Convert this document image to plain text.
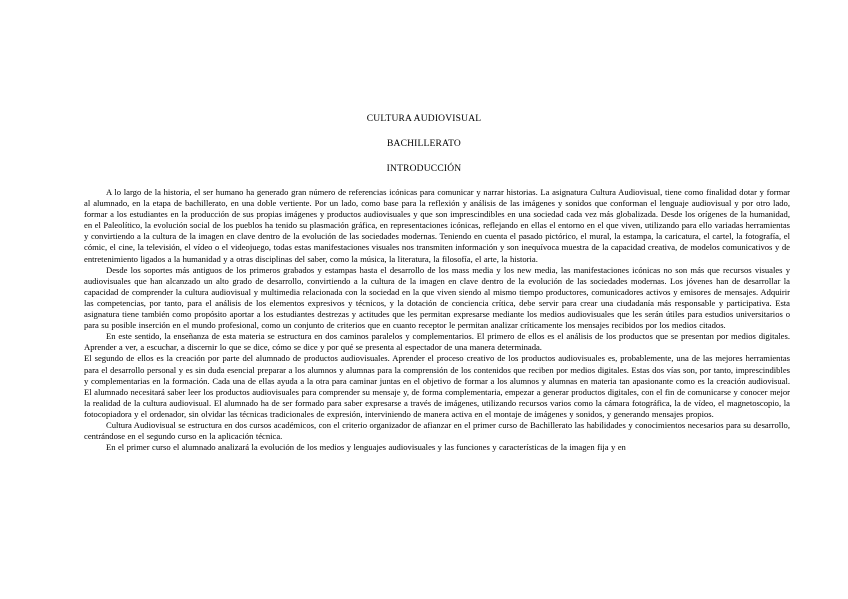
CULTURA AUDIOVISUAL
BACHILLERATO
INTRODUCCIÓN

A lo largo de la historia, el ser humano ha generado gran número de referencias icónicas para comunicar y narrar historias. La asignatura Cultura Audiovisual, tiene como finalidad dotar y formar al alumnado, en la etapa de bachillerato, en una doble vertiente. Por un lado, como base para la reflexión y análisis de las imágenes y sonidos que conforman el lenguaje audiovisual y por otro lado, formar a los estudiantes en la producción de sus propias imágenes y productos audiovisuales y que son imprescindibles en una sociedad cada vez más globalizada. Desde los orígenes de la humanidad, en el Paleolítico, la evolución social de los pueblos ha tenido su plasmación gráfica, en representaciones icónicas, reflejando en ellas el entorno en el que viven, utilizando para ello variadas herramientas y convirtiendo a la cultura de la imagen en clave dentro de la evolución de las sociedades modernas. Teniendo en cuenta el pasado pictórico, el mural, la estampa, la caricatura, el cartel, la fotografía, el cómic, el cine, la televisión, el vídeo o el videojuego, todas estas manifestaciones visuales nos transmiten información y son inequívoca muestra de la capacidad creativa, de modelos comunicativos y de entretenimiento ligados a la humanidad y a otras disciplinas del saber, como la música, la literatura, la filosofía, el arte, la historia.

Desde los soportes más antiguos de los primeros grabados y estampas hasta el desarrollo de los mass media y los new media, las manifestaciones icónicas no son más que recursos visuales y audiovisuales que han alcanzado un alto grado de desarrollo, convirtiendo a la cultura de la imagen en clave dentro de la evolución de las sociedades modernas. Los jóvenes han de desarrollar la capacidad de comprender la cultura audiovisual y multimedia relacionada con la sociedad en la que viven siendo al mismo tiempo productores, comunicadores activos y emisores de mensajes. Adquirir las competencias, por tanto, para el análisis de los elementos expresivos y técnicos, y la dotación de conciencia crítica, debe servir para crear una ciudadanía más responsable y participativa. Esta asignatura tiene también como propósito aportar a los estudiantes destrezas y actitudes que les permitan expresarse mediante los medios audiovisuales que les serán útiles para estudios universitarios o para su posible inserción en el mundo profesional, como un conjunto de criterios que en cuanto receptor le permitan analizar críticamente los mensajes recibidos por los medios citados.

En este sentido, la enseñanza de esta materia se estructura en dos caminos paralelos y complementarios. El primero de ellos es el análisis de los productos que se presentan por medios digitales. Aprender a ver, a escuchar, a discernir lo que se dice, cómo se dice y por qué se presenta al espectador de una manera determinada.

El segundo de ellos es la creación por parte del alumnado de productos audiovisuales. Aprender el proceso creativo de los productos audiovisuales es, probablemente, una de las mejores herramientas para el desarrollo personal y es sin duda esencial preparar a los alumnos y alumnas para la comprensión de los contenidos que reciben por medios digitales. Estas dos vías son, por tanto, imprescindibles y complementarias en la formación. Cada una de ellas ayuda a la otra para caminar juntas en el objetivo de formar a los alumnos y alumnas en materia tan apasionante como es la creación audiovisual. El alumnado necesitará saber leer los productos audiovisuales para comprender su mensaje y, de forma complementaria, empezar a generar productos digitales, con el fin de comunicarse y conocer mejor la realidad de la cultura audiovisual. El alumnado ha de ser formado para saber expresarse a través de imágenes, utilizando recursos varios como la cámara fotográfica, la de vídeo, el magnetoscopio, la fotocopiadora y el ordenador, sin olvidar las técnicas tradicionales de expresión, interviniendo de manera activa en el montaje de imágenes y sonidos, y generando mensajes propios.

Cultura Audiovisual se estructura en dos cursos académicos, con el criterio organizador de afianzar en el primer curso de Bachillerato las habilidades y conocimientos necesarios para su desarrollo, centrándose en el segundo curso en la aplicación técnica.

En el primer curso el alumnado analizará la evolución de los medios y lenguajes audiovisuales y las funciones y características de la imagen fija y en
